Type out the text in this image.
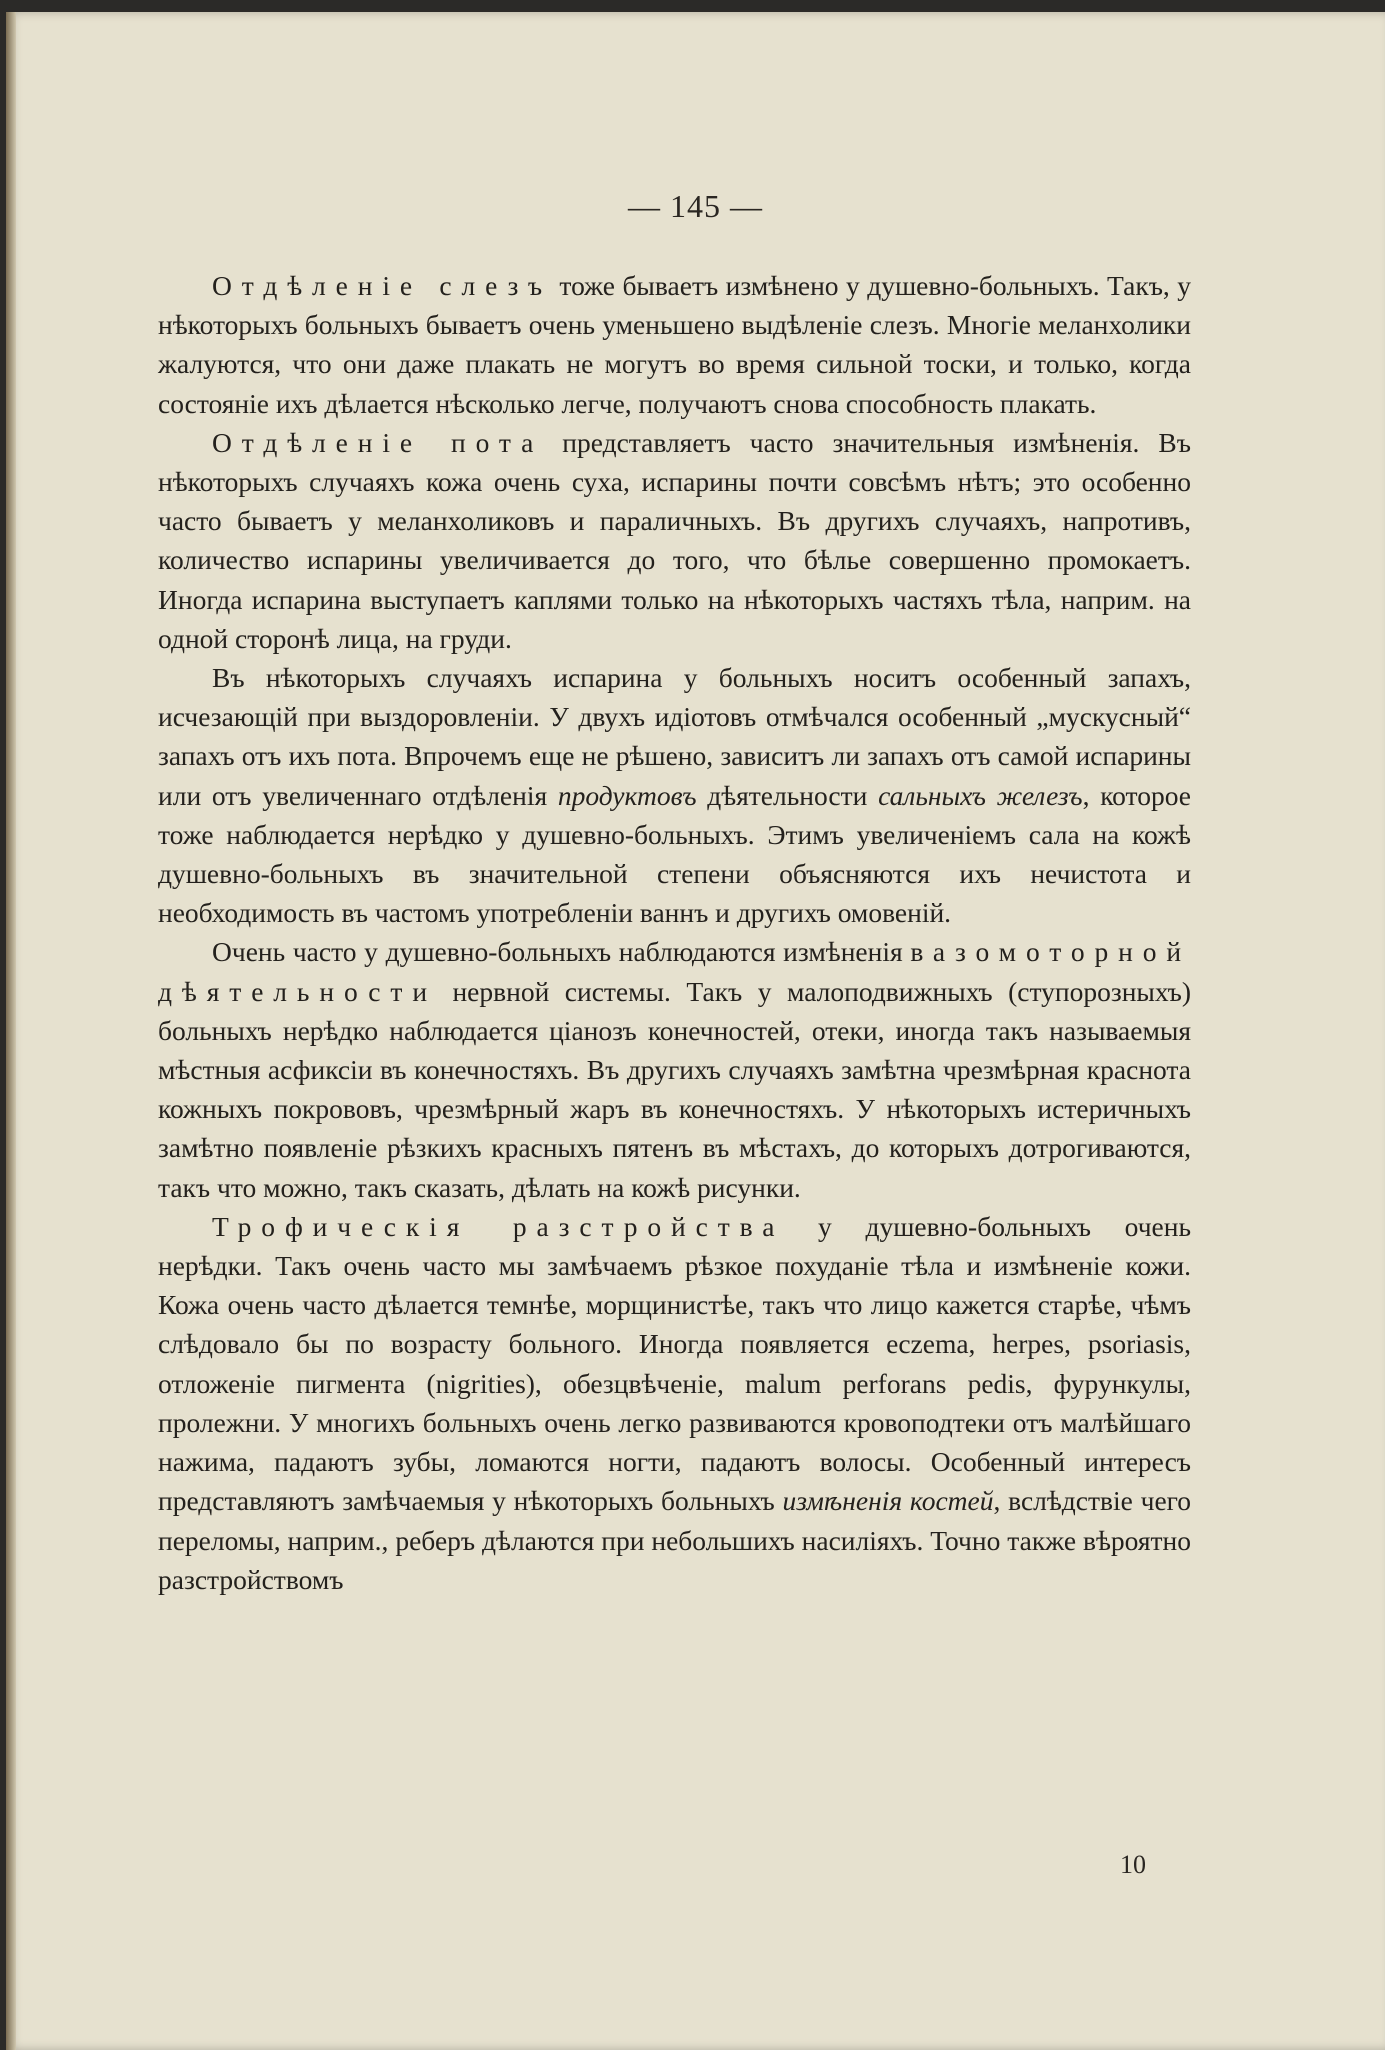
— 145 —

Отдѣленіе слезъ тоже бываетъ измѣнено у душевно-больныхъ. Такъ, у нѣкоторыхъ больныхъ бываетъ очень уменьшено выдѣленіе слезъ. Многіе меланхолики жалуются, что они даже плакать не могутъ во время сильной тоски, и только, когда состояніе ихъ дѣлается нѣсколько легче, получаютъ снова способность плакать.

Отдѣленіе пота представляетъ часто значительныя измѣненія. Въ нѣкоторыхъ случаяхъ кожа очень суха, испарины почти совсѣмъ нѣтъ; это особенно часто бываетъ у меланхоликовъ и параличныхъ. Въ другихъ случаяхъ, напротивъ, количество испарины увеличивается до того, что бѣлье совершенно промокаетъ. Иногда испарина выступаетъ каплями только на нѣкоторыхъ частяхъ тѣла, наприм. на одной сторонѣ лица, на груди.

Въ нѣкоторыхъ случаяхъ испарина у больныхъ носитъ особенный запахъ, исчезающій при выздоровленіи. У двухъ идіотовъ отмѣчался особенный „мускусный“ запахъ отъ ихъ пота. Впрочемъ еще не рѣшено, зависитъ ли запахъ отъ самой испарины или отъ увеличеннаго отдѣленія продуктовъ дѣятельности сальныхъ железъ, которое тоже наблюдается нерѣдко у душевно-больныхъ. Этимъ увеличеніемъ сала на кожѣ душевно-больныхъ въ значительной степени объясняются ихъ нечистота и необходимость въ частомъ употребленіи ваннъ и другихъ омовеній.

Очень часто у душевно-больныхъ наблюдаются измѣненія вазомоторной дѣятельности нервной системы. Такъ у малоподвижныхъ (ступорозныхъ) больныхъ нерѣдко наблюдается ціанозъ конечностей, отеки, иногда такъ называемыя мѣстныя асфиксіи въ конечностяхъ. Въ другихъ случаяхъ замѣтна чрезмѣрная краснота кожныхъ покрововъ, чрезмѣрный жаръ въ конечностяхъ. У нѣкоторыхъ истеричныхъ замѣтно появленіе рѣзкихъ красныхъ пятенъ въ мѣстахъ, до которыхъ дотрогиваются, такъ что можно, такъ сказать, дѣлать на кожѣ рисунки.

Трофическія разстройства у душевно-больныхъ очень нерѣдки. Такъ очень часто мы замѣчаемъ рѣзкое похуданіе тѣла и измѣненіе кожи. Кожа очень часто дѣлается темнѣе, морщинистѣе, такъ что лицо кажется старѣе, чѣмъ слѣдовало бы по возрасту больного. Иногда появляется eczema, herpes, psoriasis, отложеніе пигмента (nigrities), обезцвѣченіе, malum perforans pedis, фурункулы, пролежни. У многихъ больныхъ очень легко развиваются кровоподтеки отъ малѣйшаго нажима, падаютъ зубы, ломаются ногти, падаютъ волосы. Особенный интересъ представляютъ замѣчаемыя у нѣкоторыхъ больныхъ измѣненія костей, вслѣдствіе чего переломы, наприм., реберъ дѣлаются при небольшихъ насиліяхъ. Точно также вѣроятно разстройствомъ

10
